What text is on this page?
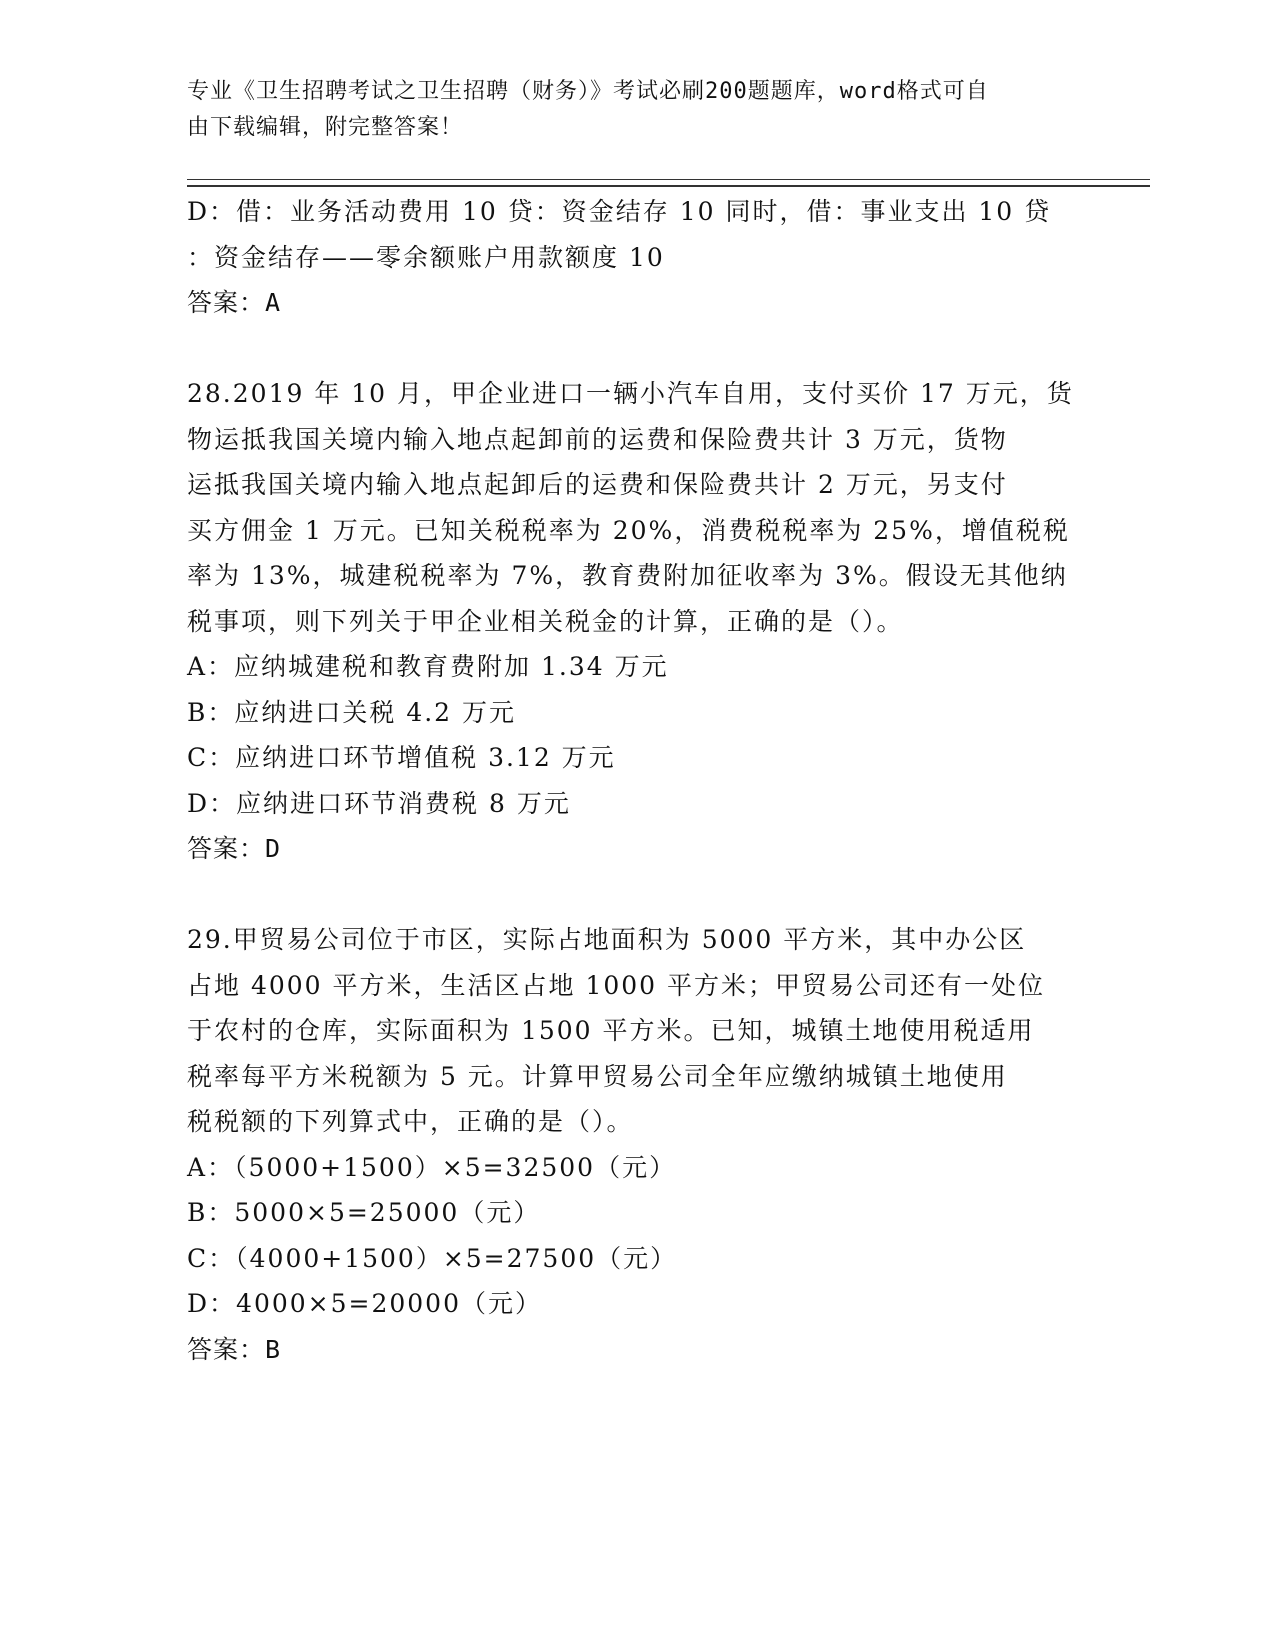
专业《卫生招聘考试之卫生招聘（财务）》考试必刷200题题库，word格式可自
由下载编辑，附完整答案！
D：借：业务活动费用 10 贷：资金结存 10 同时，借：事业支出 10 贷
：资金结存——零余额账户用款额度 10
答案：A
28.2019 年 10 月，甲企业进口一辆小汽车自用，支付买价 17 万元，货
物运抵我国关境内输入地点起卸前的运费和保险费共计 3 万元，货物
运抵我国关境内输入地点起卸后的运费和保险费共计 2 万元，另支付
买方佣金 1 万元。已知关税税率为 20%，消费税税率为 25%，增值税税
率为 13%，城建税税率为 7%，教育费附加征收率为 3%。假设无其他纳
税事项，则下列关于甲企业相关税金的计算，正确的是（）。
A：应纳城建税和教育费附加 1.34 万元
B：应纳进口关税 4.2 万元
C：应纳进口环节增值税 3.12 万元
D：应纳进口环节消费税 8 万元
答案：D
29.甲贸易公司位于市区，实际占地面积为 5000 平方米，其中办公区
占地 4000 平方米，生活区占地 1000 平方米；甲贸易公司还有一处位
于农村的仓库，实际面积为 1500 平方米。已知，城镇土地使用税适用
税率每平方米税额为 5 元。计算甲贸易公司全年应缴纳城镇土地使用
税税额的下列算式中，正确的是（）。
A：（5000+1500）×5=32500（元）
B：5000×5=25000（元）
C：（4000+1500）×5=27500（元）
D：4000×5=20000（元）
答案：B
